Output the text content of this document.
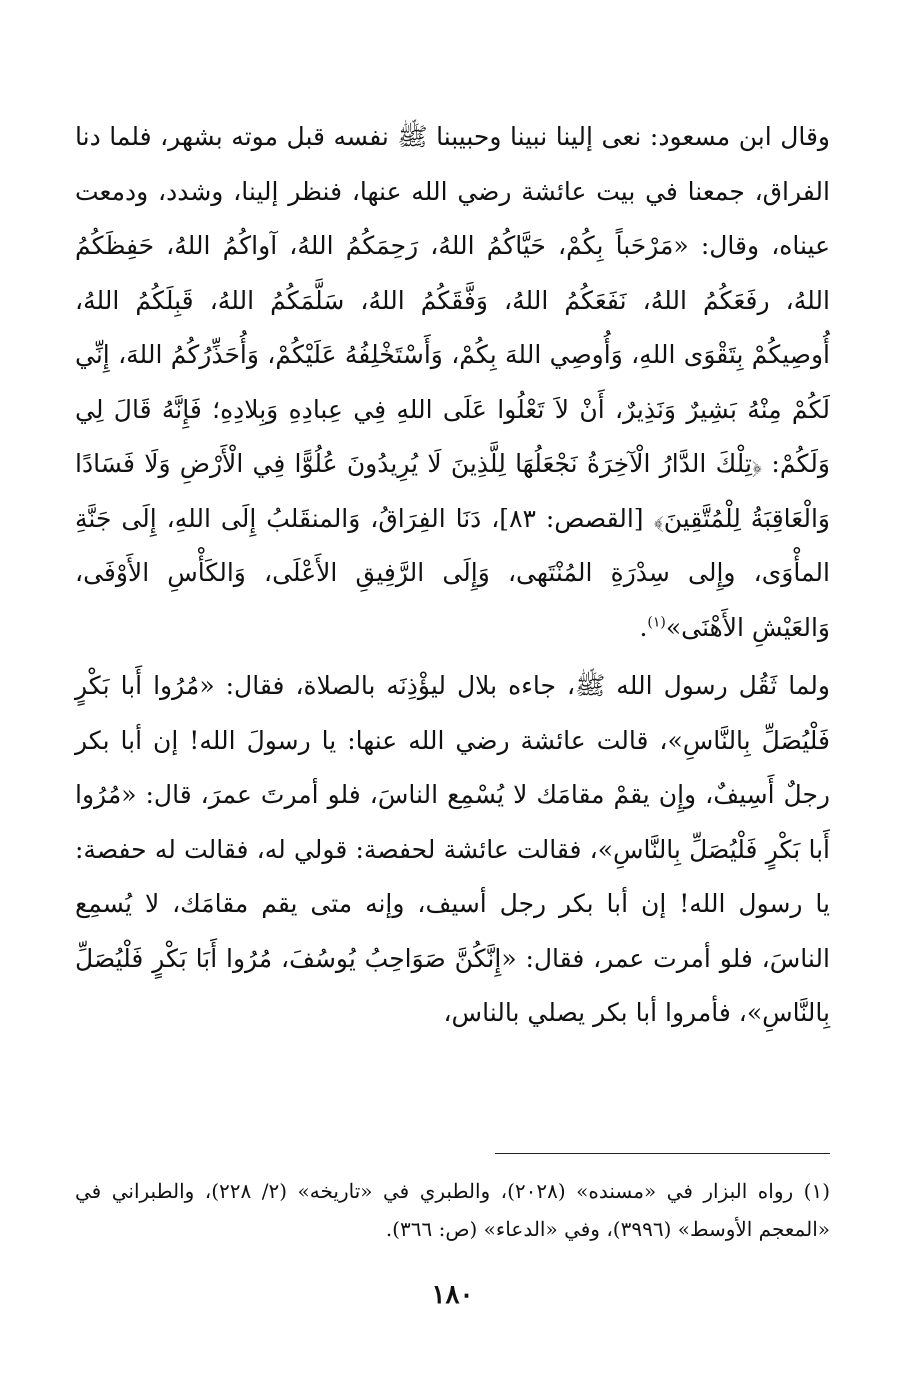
وقال ابن مسعود: نعى إلينا نبينا وحبيبنا ﷺ نفسه قبل موته بشهر، فلما دنا الفراق، جمعنا في بيت عائشة رضي الله عنها، فنظر إلينا، وشدد، ودمعت عيناه، وقال: «مَرْحَباً بِكُمْ، حَيَّاكُمُ اللهُ، رَحِمَكُمُ اللهُ، آواكُمُ اللهُ، حَفِظَكُمُ اللهُ، رفَعَكُمُ اللهُ، نَفَعَكُمُ اللهُ، وَفَّقَكُمُ اللهُ، سَلَّمَكُمُ اللهُ، قَبِلَكُمُ اللهُ، أُوصِيكُمْ بِتَقْوَى اللهِ، وَأُوصِي اللهَ بِكُمْ، وَأَسْتَخْلِفُهُ عَلَيْكُمْ، وَأُحَذِّرُكُمُ اللهَ، إِنِّي لَكُمْ مِنْهُ بَشِيرٌ وَنَذِيرٌ، أَنْ لاَ تَعْلُوا عَلَى اللهِ فِي عِبادِهِ وَبِلادِهِ؛ فَإِنَّهُ قَالَ لِي وَلَكُمْ: ﴿تِلْكَ الدَّارُ الْآخِرَةُ نَجْعَلُهَا لِلَّذِينَ لَا يُرِيدُونَ عُلُوًّا فِي الْأَرْضِ وَلَا فَسَادًا وَالْعَاقِبَةُ لِلْمُتَّقِينَ﴾ [القصص: ٨٣]، دَنَا الفِرَاقُ، وَالمنقَلبُ إِلَى اللهِ، إِلَى جَنَّةِ المأْوَى، وإِلى سِدْرَةِ المُنْتَهى، وَإِلَى الرَّفِيقِ الأَعْلَى، وَالكَأْسِ الأَوْفَى، وَالعَيْشِ الأَهْنَى»$^{(١)}$.

ولما ثَقُل رسول الله ﷺ، جاءه بلال ليؤْذِنَه بالصلاة، فقال: «مُرُوا أَبا بَكْرٍ فَلْيُصَلِّ بِالنَّاسِ»، قالت عائشة رضي الله عنها: يا رسولَ الله! إن أبا بكر رجلٌ أَسِيفٌ، وإِن يقمْ مقامَك لا يُسْمِع الناسَ، فلو أمرتَ عمرَ، قال: «مُرُوا أَبا بَكْرٍ فَلْيُصَلِّ بِالنَّاسِ»، فقالت عائشة لحفصة: قولي له، فقالت له حفصة: يا رسول الله! إن أبا بكر رجل أسيف، وإنه متى يقم مقامَك، لا يُسمِع الناسَ، فلو أمرت عمر، فقال: «إِنَّكُنَّ صَوَاحِبُ يُوسُفَ، مُرُوا أَبَا بَكْرٍ فَلْيُصَلِّ بِالنَّاسِ»، فأمروا أبا بكر يصلي بالناس،

(١) رواه البزار في «مسنده» (٢٠٢٨)، والطبري في «تاريخه» (٢/ ٢٢٨)، والطبراني في «المعجم الأوسط» (٣٩٩٦)، وفي «الدعاء» (ص: ٣٦٦).

١٨٠
